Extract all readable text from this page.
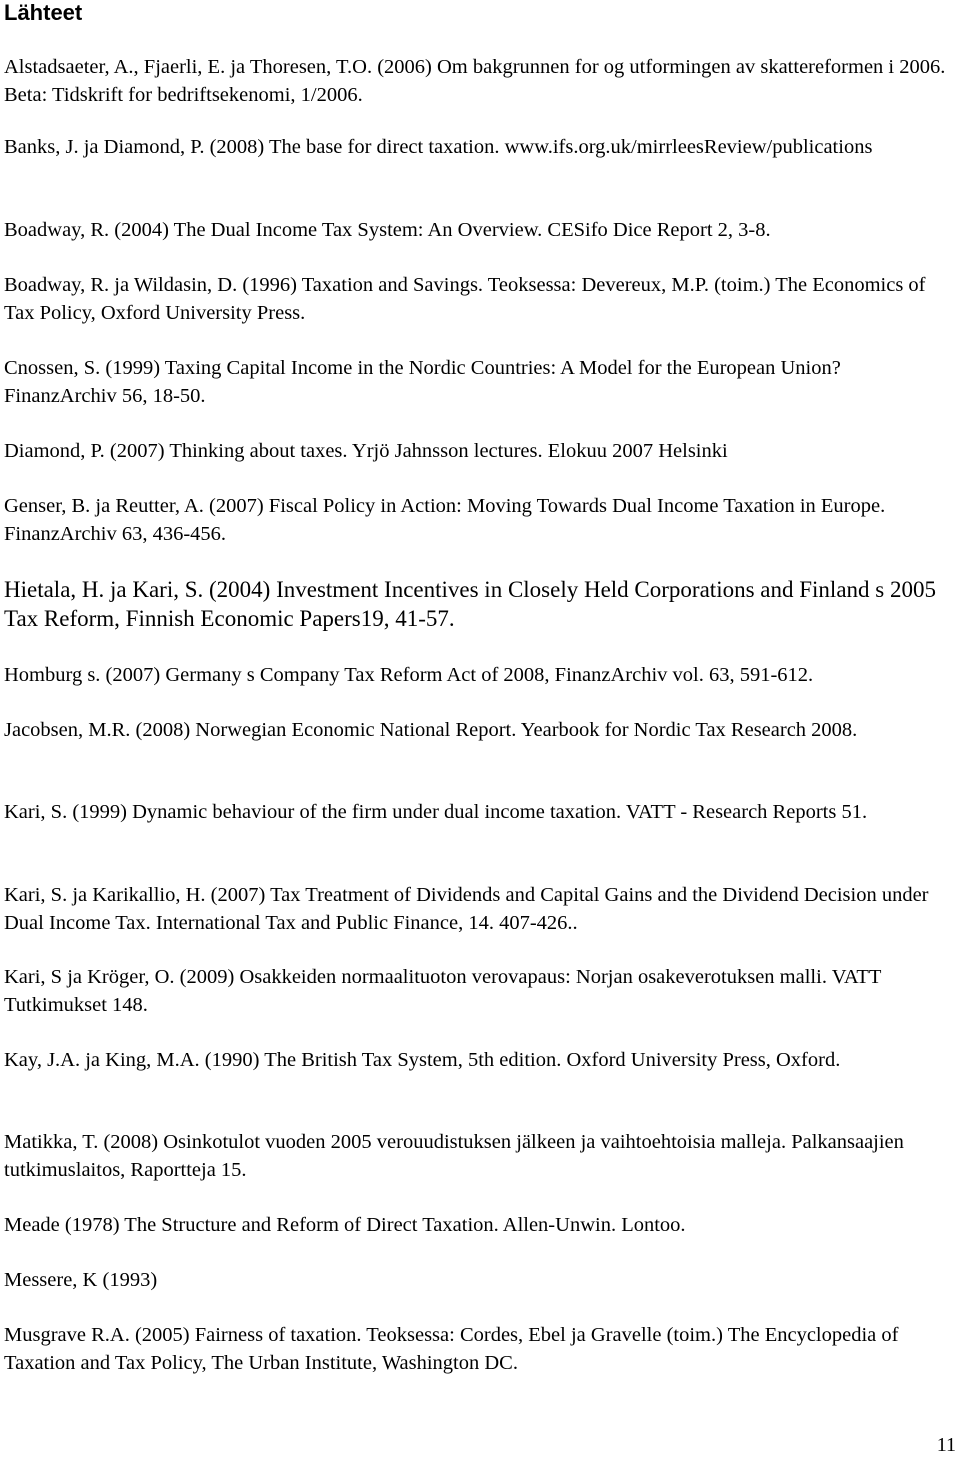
Lähteet

Alstadsaeter, A., Fjaerli, E. ja Thoresen, T.O. (2006) Om bakgrunnen for og utformingen av skattereformen i 2006. Beta: Tidskrift for bedriftsekenomi, 1/2006.

Banks, J. ja Diamond, P. (2008) The base for direct taxation. www.ifs.org.uk/mirrleesReview/publications

Boadway, R. (2004) The Dual Income Tax System: An Overview. CESifo Dice Report 2, 3-8.

Boadway, R. ja Wildasin, D. (1996) Taxation and Savings. Teoksessa: Devereux, M.P. (toim.) The Economics of Tax Policy, Oxford University Press.

Cnossen, S. (1999) Taxing Capital Income in the Nordic Countries: A Model for the European Union? FinanzArchiv 56, 18-50.

Diamond, P. (2007) Thinking about taxes. Yrjö Jahnsson lectures. Elokuu 2007 Helsinki

Genser, B. ja Reutter, A. (2007) Fiscal Policy in Action: Moving Towards Dual Income Taxation in Europe. FinanzArchiv 63, 436-456.

Hietala, H. ja Kari, S. (2004) Investment Incentives in Closely Held Corporations and Finland s 2005 Tax Reform, Finnish Economic Papers19, 41-57.

Homburg s. (2007) Germany s Company Tax Reform Act of 2008, FinanzArchiv vol. 63, 591-612.

Jacobsen, M.R. (2008) Norwegian Economic National Report. Yearbook for Nordic Tax Research 2008.

Kari, S. (1999) Dynamic behaviour of the firm under dual income taxation. VATT - Research Reports 51.

Kari, S. ja Karikallio, H. (2007) Tax Treatment of Dividends and Capital Gains and the Dividend Decision under Dual Income Tax. International Tax and Public Finance, 14. 407-426..

Kari, S ja Kröger, O. (2009) Osakkeiden normaalituoton verovapaus: Norjan osakeverotuksen malli. VATT Tutkimukset 148.

Kay, J.A. ja King, M.A. (1990) The British Tax System, 5th edition. Oxford University Press, Oxford.

Matikka, T. (2008) Osinkotulot vuoden 2005 verouudistuksen jälkeen ja vaihtoehtoisia malleja. Palkansaajien tutkimuslaitos, Raportteja 15.

Meade (1978) The Structure and Reform of Direct Taxation. Allen-Unwin. Lontoo.

Messere, K (1993)

Musgrave R.A. (2005) Fairness of taxation. Teoksessa: Cordes, Ebel ja Gravelle (toim.) The Encyclopedia of Taxation and Tax Policy, The Urban Institute, Washington DC.

11
